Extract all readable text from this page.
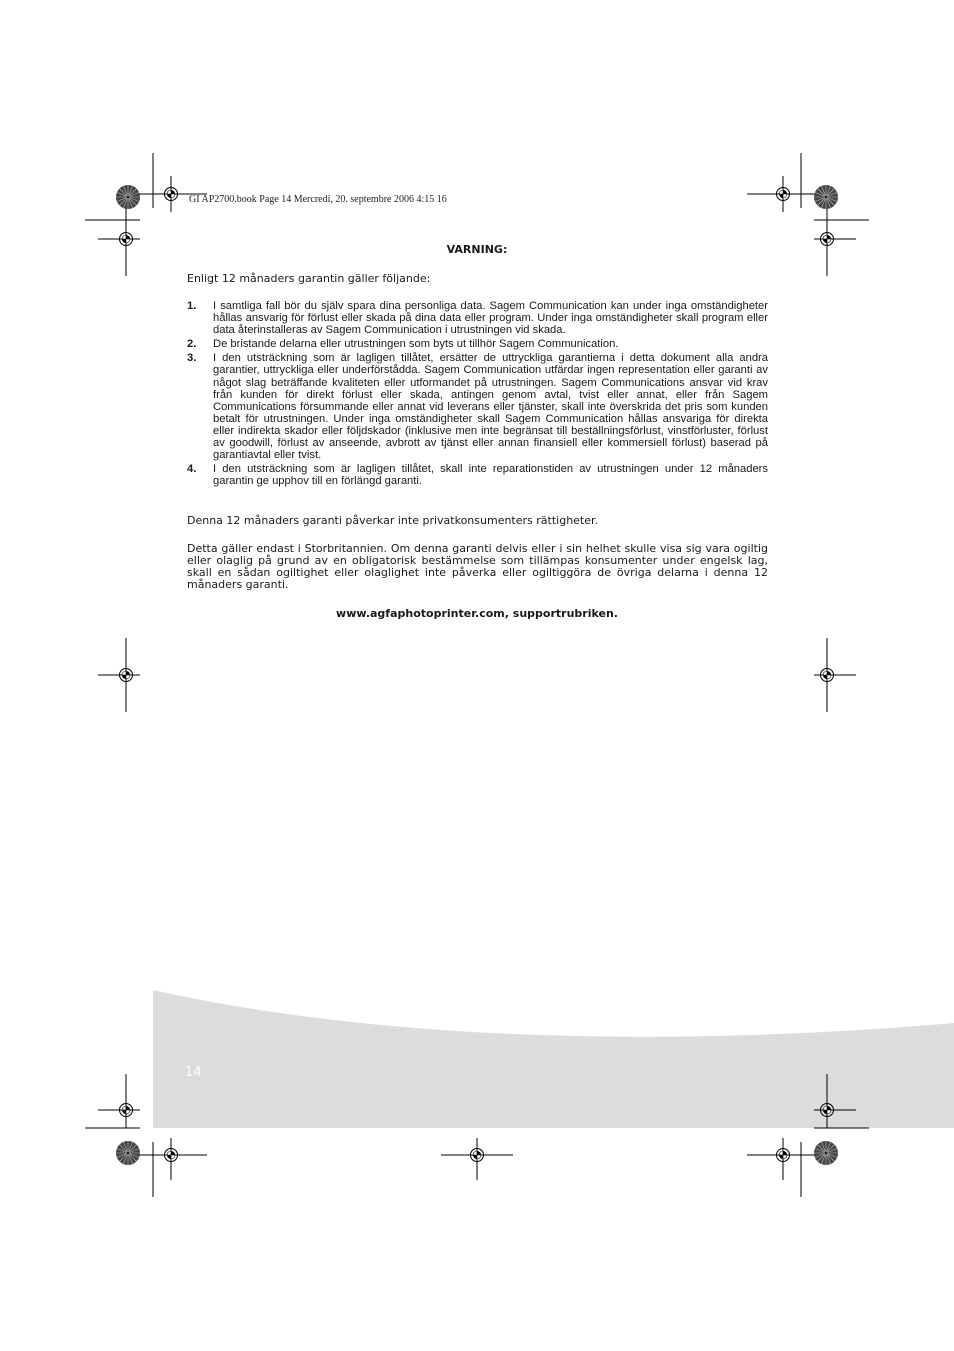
GI AP2700.book Page 14 Mercredi, 20. septembre 2006 4:15 16
VARNING:
Enligt 12 månaders garantin gäller följande:
1. I samtliga fall bör du själv spara dina personliga data. Sagem Communication kan under inga omständigheter hållas ansvarig för förlust eller skada på dina data eller program. Under inga omständigheter skall program eller data återinstalleras av Sagem Communication i utrustningen vid skada.
2. De bristande delarna eller utrustningen som byts ut tillhör Sagem Communication.
3. I den utsträckning som är lagligen tillåtet, ersätter de uttryckliga garantierna i detta dokument alla andra garantier, uttryckliga eller underförstådda. Sagem Communication utfärdar ingen representation eller garanti av något slag beträffande kvaliteten eller utformandet på utrustningen. Sagem Communications ansvar vid krav från kunden för direkt förlust eller skada, antingen genom avtal, tvist eller annat, eller från Sagem Communications försummande eller annat vid leverans eller tjänster, skall inte överskrida det pris som kunden betalt för utrustningen. Under inga omständigheter skall Sagem Communication hållas ansvariga för direkta eller indirekta skador eller följdskador (inklusive men inte begränsat till beställningsförlust, vinstförluster, förlust av goodwill, förlust av anseende, avbrott av tjänst eller annan finansiell eller kommersiell förlust) baserad på garantiavtal eller tvist.
4. I den utsträckning som är lagligen tillåtet, skall inte reparationstiden av utrustningen under 12 månaders garantin ge upphov till en förlängd garanti.
Denna 12 månaders garanti påverkar inte privatkonsumenters rättigheter.
Detta gäller endast i Storbritannien. Om denna garanti delvis eller i sin helhet skulle visa sig vara ogiltig eller olaglig på grund av en obligatorisk bestämmelse som tillämpas konsumenter under engelsk lag, skall en sådan ogiltighet eller olaglighet inte påverka eller ogiltiggöra de övriga delarna i denna 12 månaders garanti.
www.agfaphotoprinter.com, supportrubriken.
14
